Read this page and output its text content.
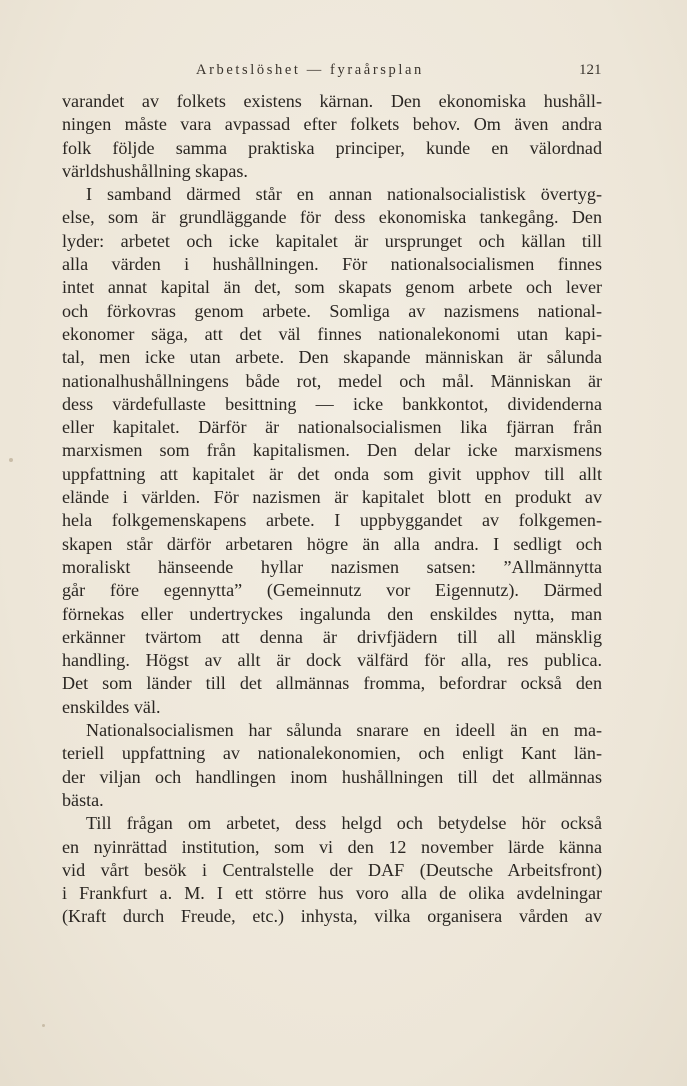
Arbetslöshet — fyraårsplan	121
varandet av folkets existens kärnan. Den ekonomiska hushåll-
ningen måste vara avpassad efter folkets behov. Om även andra
folk följde samma praktiska principer, kunde en välordnad
världshushållning skapas.
I samband därmed står en annan nationalsocialistisk övertyg-
else, som är grundläggande för dess ekonomiska tankegång. Den
lyder: arbetet och icke kapitalet är ursprunget och källan till
alla värden i hushållningen. För nationalsocialismen finnes
intet annat kapital än det, som skapats genom arbete och lever
och förkovras genom arbete. Somliga av nazismens national-
ekonomer säga, att det väl finnes nationalekonomi utan kapi-
tal, men icke utan arbete. Den skapande människan är sålunda
nationalhushållningens både rot, medel och mål. Människan är
dess värdefullaste besittning — icke bankkontot, dividenderna
eller kapitalet. Därför är nationalsocialismen lika fjärran från
marxismen som från kapitalismen. Den delar icke marxismens
uppfattning att kapitalet är det onda som givit upphov till allt
elände i världen. För nazismen är kapitalet blott en produkt av
hela folkgemenskapens arbete. I uppbyggandet av folkgemen-
skapen står därför arbetaren högre än alla andra. I sedligt och
moraliskt hänseende hyllar nazismen satsen: ”Allmännytta
går före egennytta” (Gemeinnutz vor Eigennutz). Därmed
förnekas eller undertryckes ingalunda den enskildes nytta, man
erkänner tvärtom att denna är drivfjädern till all mänsklig
handling. Högst av allt är dock välfärd för alla, res publica.
Det som länder till det allmännas fromma, befordrar också den
enskildes väl.
Nationalsocialismen har sålunda snarare en ideell än en ma-
teriell uppfattning av nationalekonomien, och enligt Kant län-
der viljan och handlingen inom hushållningen till det allmännas
bästa.
Till frågan om arbetet, dess helgd och betydelse hör också
en nyinrättad institution, som vi den 12 november lärde känna
vid vårt besök i Centralstelle der DAF (Deutsche Arbeitsfront)
i Frankfurt a. M. I ett större hus voro alla de olika avdelningar
(Kraft durch Freude, etc.) inhysta, vilka organisera vården av
